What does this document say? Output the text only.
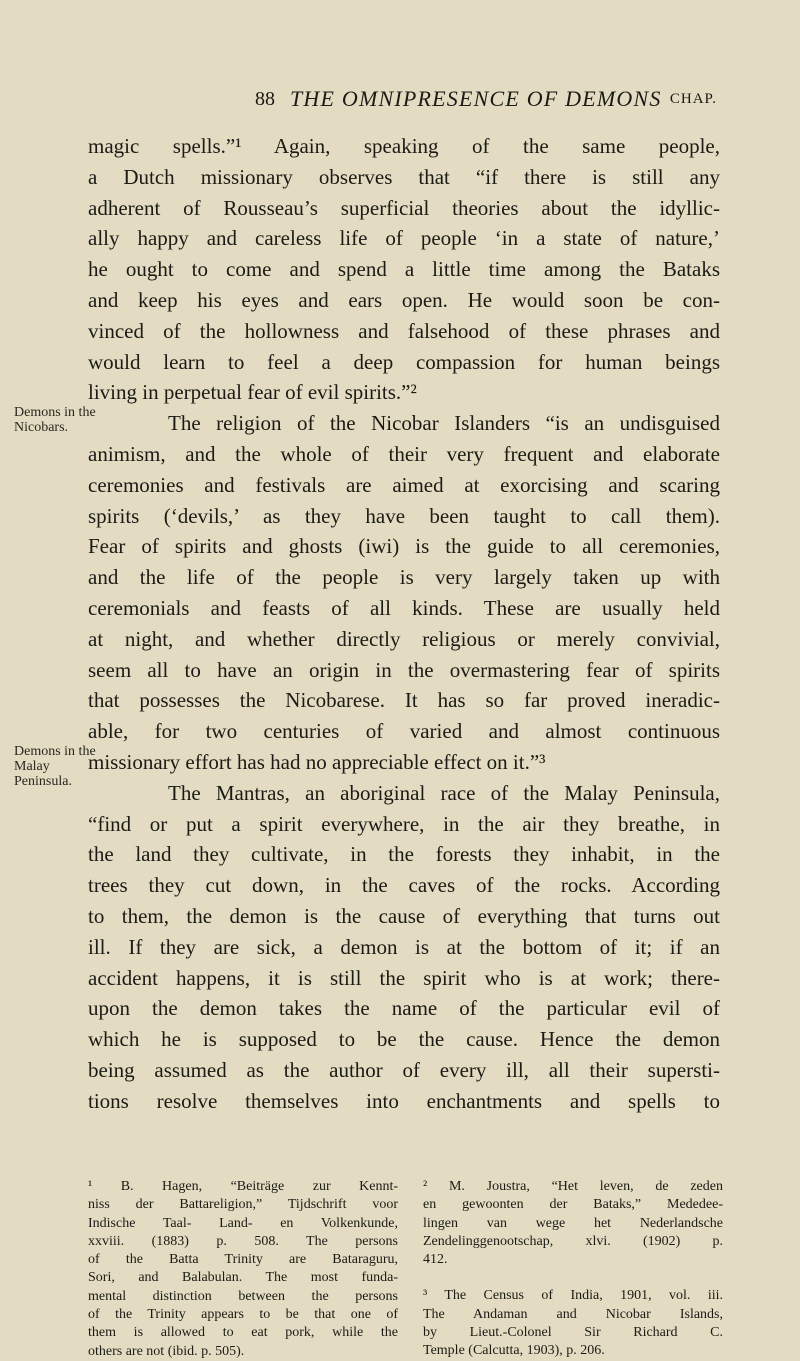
88 THE OMNIPRESENCE OF DEMONS CHAP.
Demons in the Nicobars.
Demons in the Malay Peninsula.
magic spells.”¹ Again, speaking of the same people,
a Dutch missionary observes that “if there is still any
adherent of Rousseau’s superficial theories about the idyllic-
ally happy and careless life of people ‘in a state of nature,’
he ought to come and spend a little time among the Bataks
and keep his eyes and ears open. He would soon be con-
vinced of the hollowness and falsehood of these phrases and
would learn to feel a deep compassion for human beings
living in perpetual fear of evil spirits.”²
The religion of the Nicobar Islanders “is an undisguised
animism, and the whole of their very frequent and elaborate
ceremonies and festivals are aimed at exorcising and scaring
spirits (‘devils,’ as they have been taught to call them).
Fear of spirits and ghosts (iwi) is the guide to all ceremonies,
and the life of the people is very largely taken up with
ceremonials and feasts of all kinds. These are usually held
at night, and whether directly religious or merely convivial,
seem all to have an origin in the overmastering fear of spirits
that possesses the Nicobarese. It has so far proved ineradic-
able, for two centuries of varied and almost continuous
missionary effort has had no appreciable effect on it.”³
The Mantras, an aboriginal race of the Malay Peninsula,
“find or put a spirit everywhere, in the air they breathe, in
the land they cultivate, in the forests they inhabit, in the
trees they cut down, in the caves of the rocks. According
to them, the demon is the cause of everything that turns out
ill. If they are sick, a demon is at the bottom of it; if an
accident happens, it is still the spirit who is at work; there-
upon the demon takes the name of the particular evil of
which he is supposed to be the cause. Hence the demon
being assumed as the author of every ill, all their supersti-
tions resolve themselves into enchantments and spells to
¹ B. Hagen, “Beiträge zur Kennt-
niss der Battareligion,” Tijdschrift voor
Indische Taal- Land- en Volkenkunde,
xxviii. (1883) p. 508. The persons
of the Batta Trinity are Bataraguru,
Sori, and Balabulan. The most funda-
mental distinction between the persons
of the Trinity appears to be that one of
them is allowed to eat pork, while the
others are not (ibid. p. 505).
² M. Joustra, “Het leven, de zeden
en gewoonten der Bataks,” Mededee-
lingen van wege het Nederlandsche
Zendelinggenootschap, xlvi. (1902) p.
412.
³ The Census of India, 1901, vol. iii.
The Andaman and Nicobar Islands,
by Lieut.-Colonel Sir Richard C.
Temple (Calcutta, 1903), p. 206.
